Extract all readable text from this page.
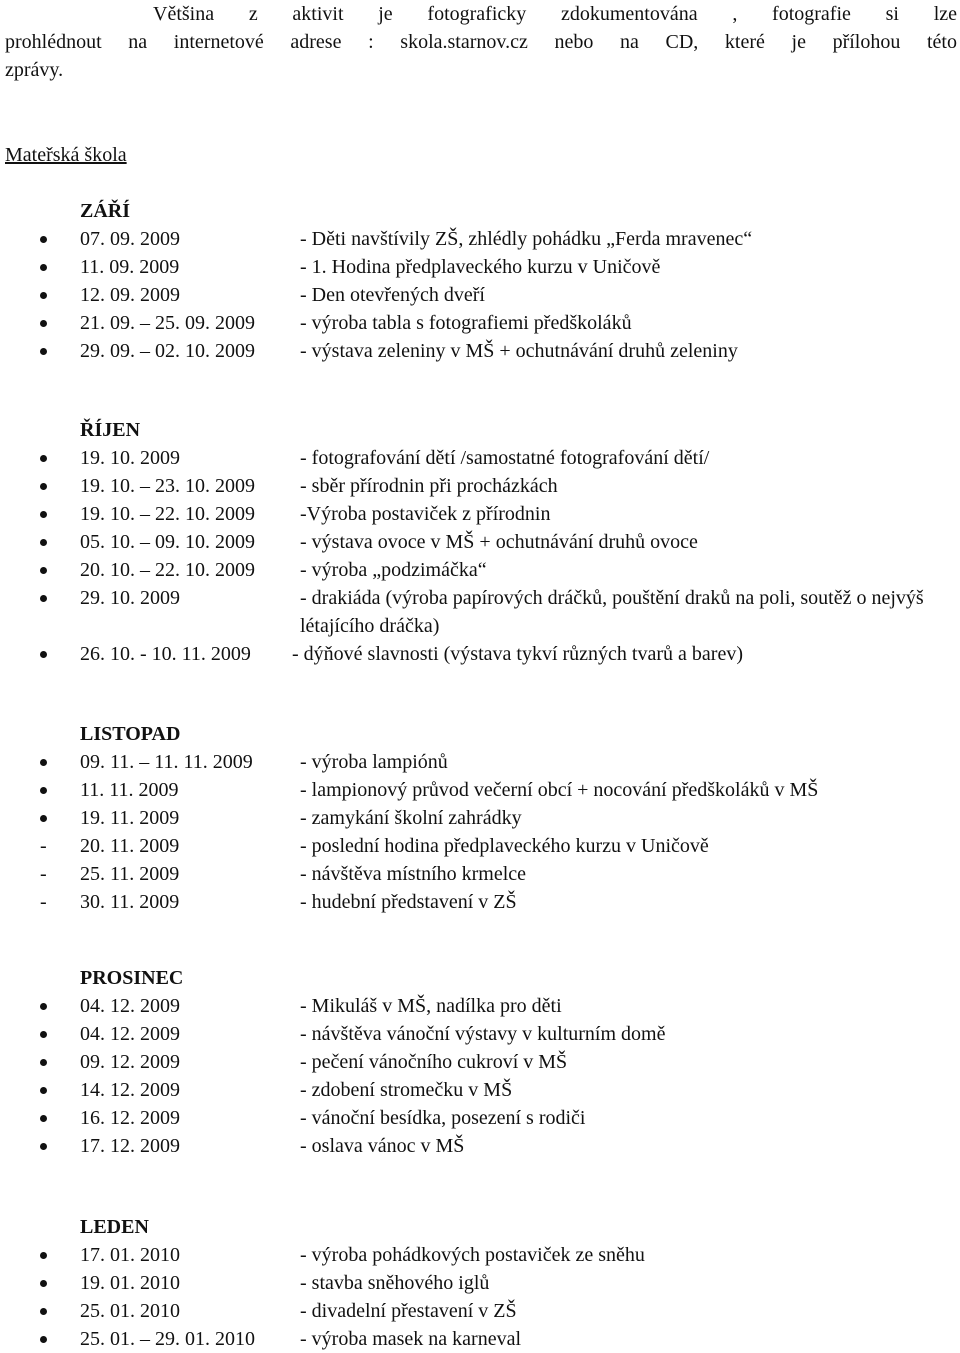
Většina z aktivit je fotograficky zdokumentována , fotografie si lze
prohlédnout na internetové adrese : skola.starnov.cz nebo na CD, které je přílohou této
zprávy.
Mateřská škola
ZÁŘÍ
07. 09. 2009	- Děti navštívily ZŠ, zhlédly pohádku „Ferda mravenec“
11. 09. 2009	- 1. Hodina předplaveckého kurzu v Uničově
12. 09. 2009	- Den otevřených dveří
21. 09. – 25. 09. 2009 - výroba tabla s fotografiemi předškoláků
29. 09. – 02. 10. 2009 - výstava zeleniny v MŠ + ochutnávání druhů zeleniny
ŘÍJEN
19. 10. 2009	- fotografování dětí /samostatné fotografování dětí/
19. 10. – 23. 10. 2009 - sběr přírodnin při procházkách
19. 10. – 22. 10. 2009 -Výroba postaviček z přírodnin
05. 10. – 09. 10. 2009 - výstava ovoce v MŠ + ochutnávání druhů ovoce
20. 10. – 22. 10. 2009 - výroba „podzimáčka“
29. 10. 2009	- drakiáda (výroba papírových dráčků, pouštění draků na poli, soutěž o nejvýš létajícího dráčka)
26. 10. - 10. 11. 2009 - dýňové slavnosti (výstava tykví různých tvarů a barev)
LISTOPAD
09. 11. – 11. 11. 2009 - výroba lampiónů
11. 11. 2009	- lampionový průvod večerní obcí + nocování předškoláků v MŠ
19. 11. 2009	- zamykání školní zahrádky
- 20. 11. 2009	- poslední hodina předplaveckého kurzu v Uničově
- 25. 11. 2009	- návštěva místního krmelce
- 30. 11. 2009	- hudební představení v ZŠ
PROSINEC
04. 12. 2009	- Mikuláš v MŠ, nadílka pro děti
04. 12. 2009	- návštěva vánoční výstavy v kulturním domě
09. 12. 2009	- pečení vánočního cukroví v MŠ
14. 12. 2009	- zdobení stromečku v MŠ
16. 12. 2009	- vánoční besídka, posezení s rodiči
17. 12. 2009	- oslava vánoc v MŠ
LEDEN
17. 01. 2010	- výroba pohádkových postaviček ze sněhu
19. 01. 2010	- stavba sněhového iglů
25. 01. 2010	- divadelní přestavení v ZŠ
25. 01. – 29. 01. 2010 - výroba masek na karneval
